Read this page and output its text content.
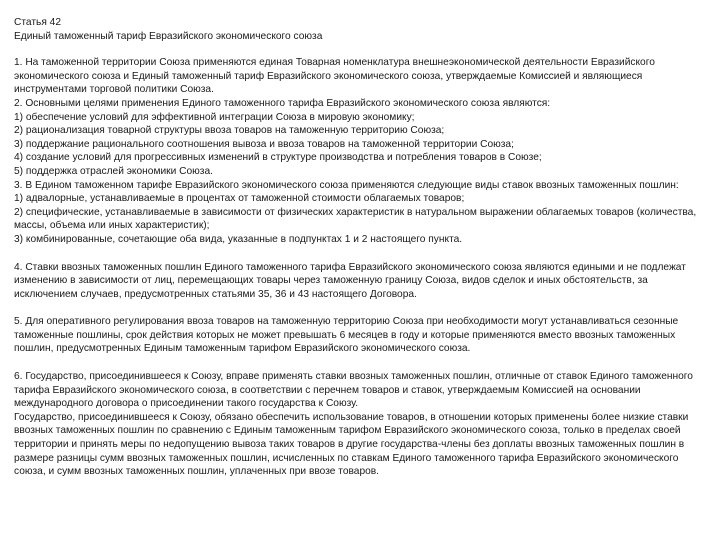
Статья 42
Единый таможенный тариф Евразийского экономического союза
1. На таможенной территории Союза применяются единая Товарная номенклатура внешнеэкономической деятельности Евразийского экономического союза и Единый таможенный тариф Евразийского экономического союза, утверждаемые Комиссией и являющиеся инструментами торговой политики Союза.
2. Основными целями применения Единого таможенного тарифа Евразийского экономического союза являются:
1) обеспечение условий для эффективной интеграции Союза в мировую экономику;
2) рационализация товарной структуры ввоза товаров на таможенную территорию Союза;
3) поддержание рационального соотношения вывоза и ввоза товаров на таможенной территории Союза;
4) создание условий для прогрессивных изменений в структуре производства и потребления товаров в Союзе;
5) поддержка отраслей экономики Союза.
3. В Едином таможенном тарифе Евразийского экономического союза применяются следующие виды ставок ввозных таможенных пошлин:
1) адвалорные, устанавливаемые в процентах от таможенной стоимости облагаемых товаров;
2) специфические, устанавливаемые в зависимости от физических характеристик в натуральном выражении облагаемых товаров (количества, массы, объема или иных характеристик);
3) комбинированные, сочетающие оба вида, указанные в подпунктах 1 и 2 настоящего пункта.
4. Ставки ввозных таможенных пошлин Единого таможенного тарифа Евразийского экономического союза являются едиными и не подлежат изменению в зависимости от лиц, перемещающих товары через таможенную границу Союза, видов сделок и иных обстоятельств, за исключением случаев, предусмотренных статьями 35, 36 и 43 настоящего Договора.
5. Для оперативного регулирования ввоза товаров на таможенную территорию Союза при необходимости могут устанавливаться сезонные таможенные пошлины, срок действия которых не может превышать 6 месяцев в году и которые применяются вместо ввозных таможенных пошлин, предусмотренных Единым таможенным тарифом Евразийского экономического союза.
6. Государство, присоединившееся к Союзу, вправе применять ставки ввозных таможенных пошлин, отличные от ставок Единого таможенного тарифа Евразийского экономического союза, в соответствии с перечнем товаров и ставок, утверждаемым Комиссией на основании международного договора о присоединении такого государства к Союзу.
Государство, присоединившееся к Союзу, обязано обеспечить использование товаров, в отношении которых применены более низкие ставки ввозных таможенных пошлин по сравнению с Единым таможенным тарифом Евразийского экономического союза, только в пределах своей территории и принять меры по недопущению вывоза таких товаров в другие государства-члены без доплаты ввозных таможенных пошлин в размере разницы сумм ввозных таможенных пошлин, исчисленных по ставкам Единого таможенного тарифа Евразийского экономического союза, и сумм ввозных таможенных пошлин, уплаченных при ввозе товаров.
